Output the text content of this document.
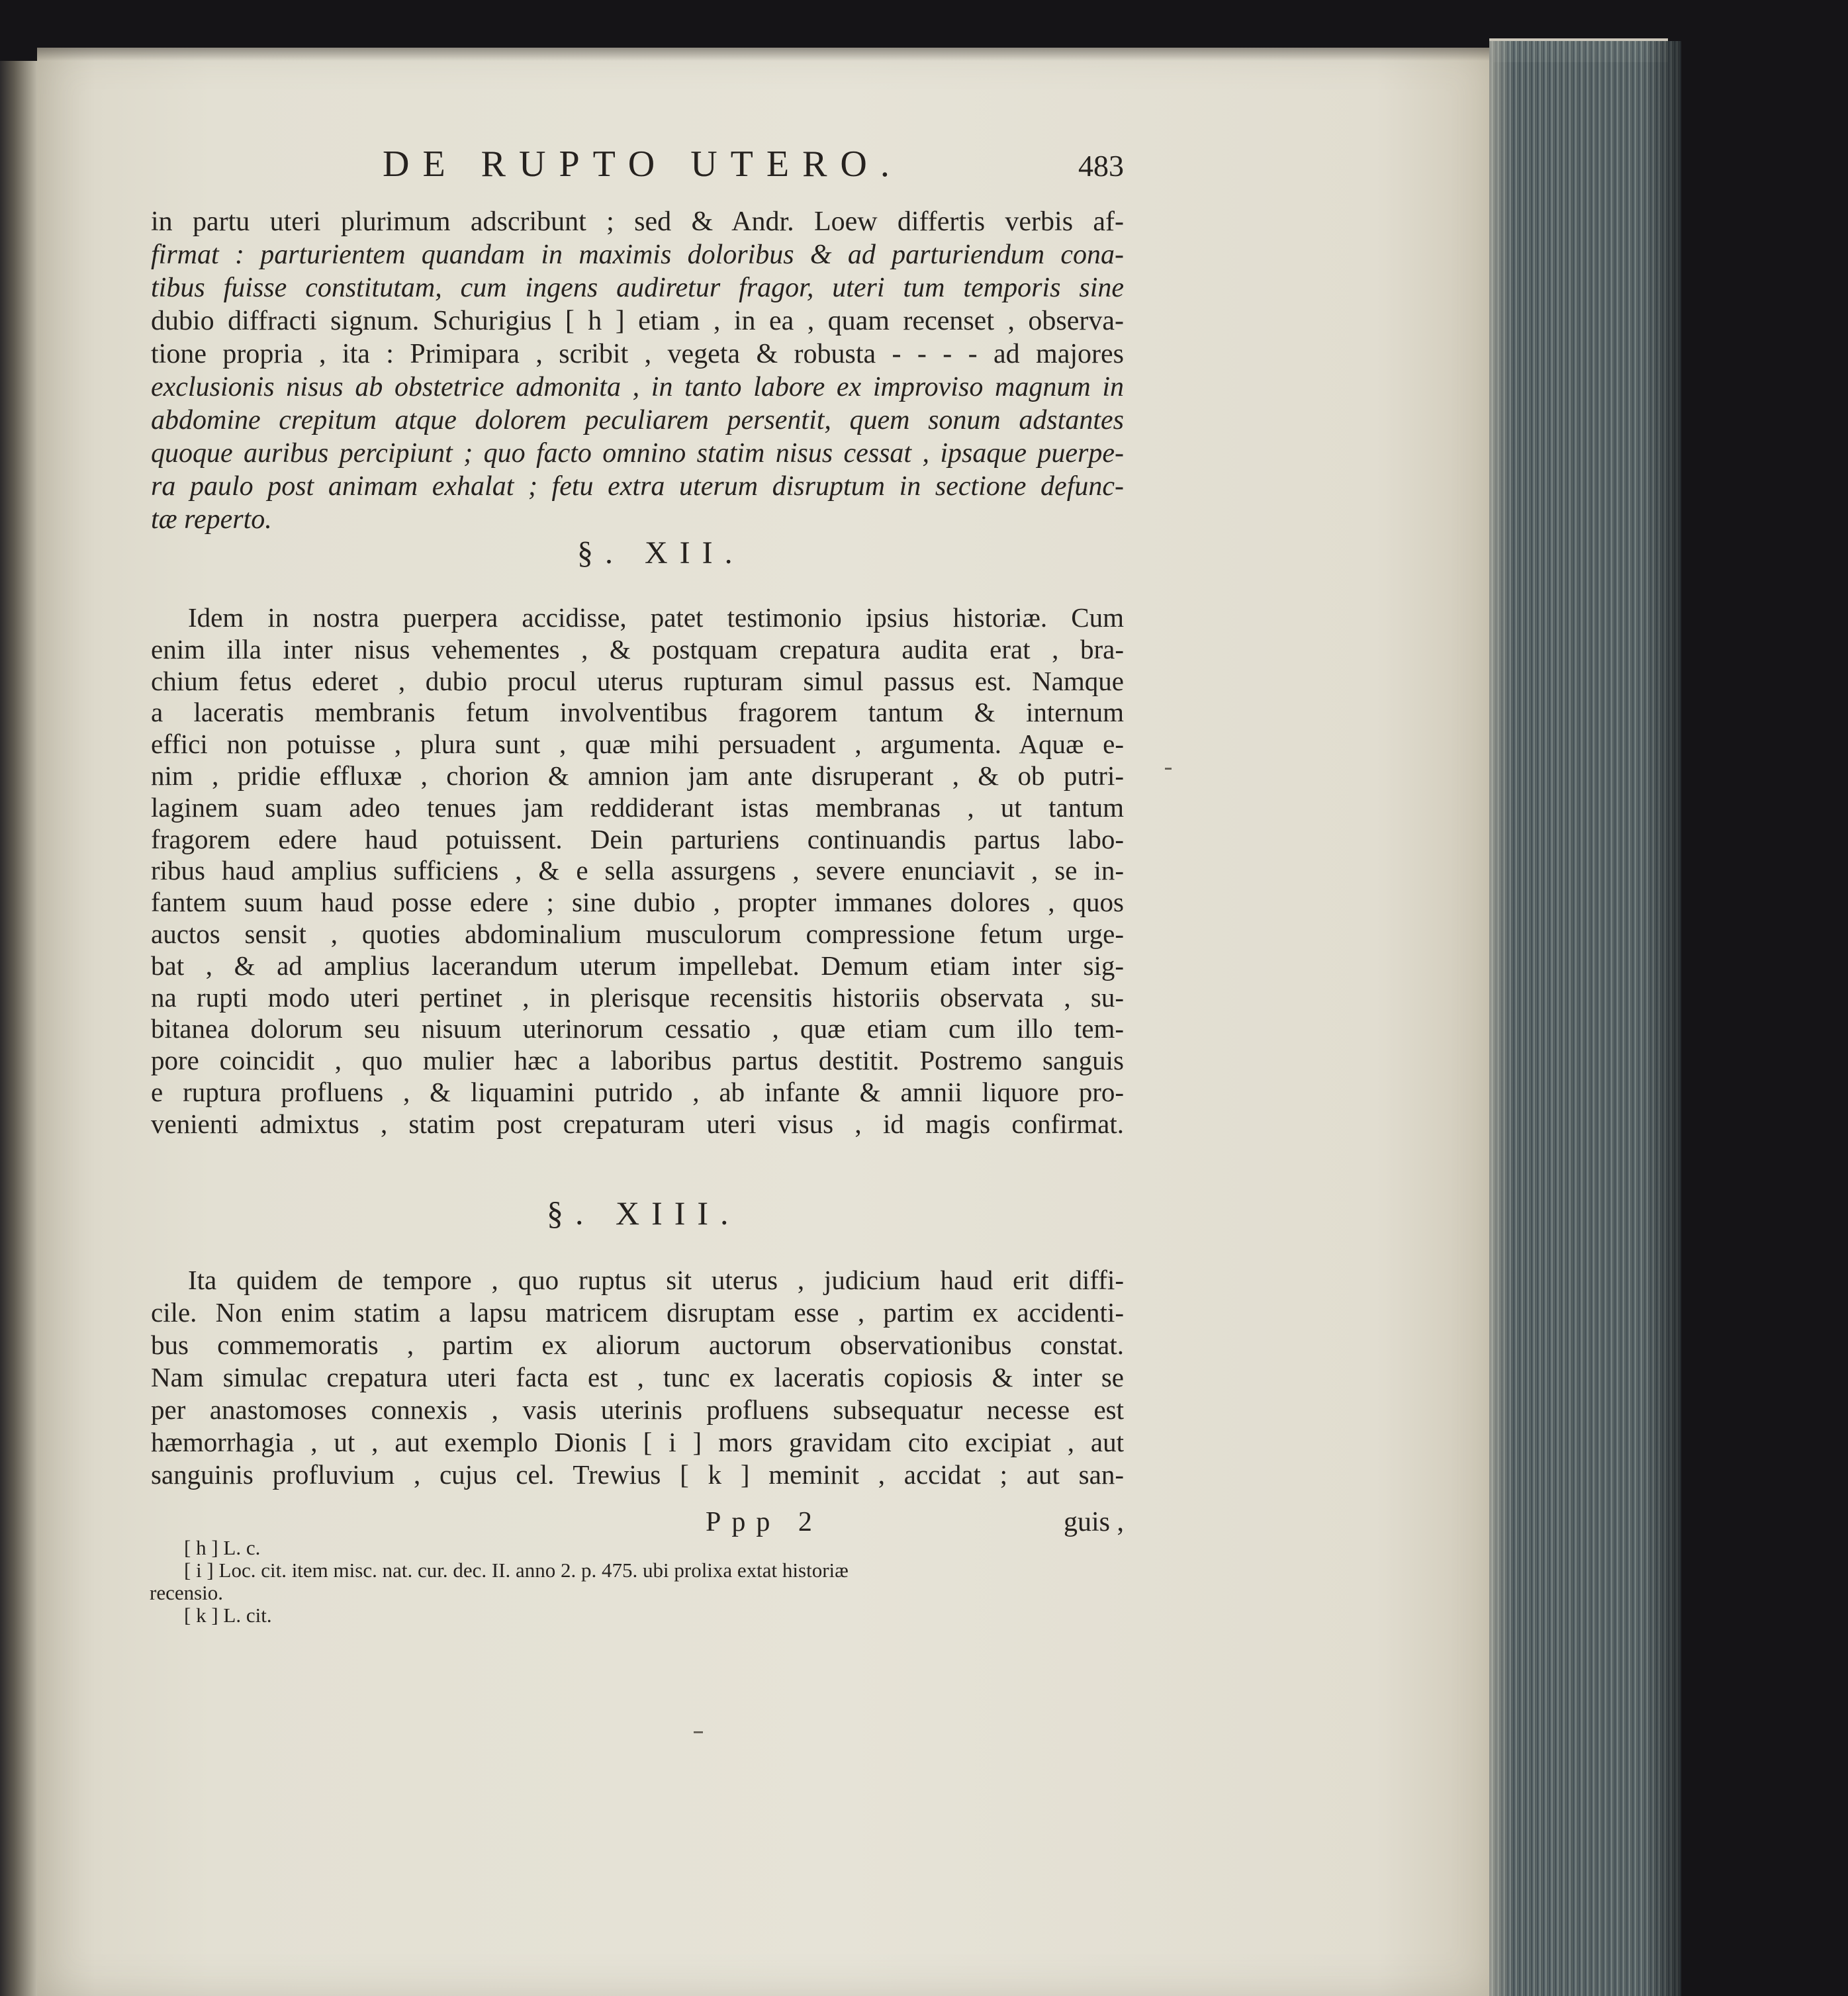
DE RUPTO UTERO.	483
in partu uteri plurimum adscribunt ; sed & Andr. Loew differtis verbis af-
firmat : parturientem quandam in maximis doloribus & ad parturiendum cona-
tibus fuisse constitutam, cum ingens audiretur fragor, uteri tum temporis sine
dubio diffracti signum. Schurigius [ h ] etiam , in ea , quam recenset , observa-
tione propria , ita : Primipara , scribit , vegeta & robusta - - - - ad majores
exclusionis nisus ab obstetrice admonita , in tanto labore ex improviso magnum in
abdomine crepitum atque dolorem peculiarem persentit, quem sonum adstantes
quoque auribus percipiunt ; quo facto omnino statim nisus cessat , ipsaque puerpe-
ra paulo post animam exhalat ; fetu extra uterum disruptum in sectione defunc-
tæ reperto.
§. XII.
Idem in nostra puerpera accidisse, patet testimonio ipsius historiæ. Cum
enim illa inter nisus vehementes , & postquam crepatura audita erat , bra-
chium fetus ederet , dubio procul uterus rupturam simul passus est. Namque
a laceratis membranis fetum involventibus fragorem tantum & internum
effici non potuisse , plura sunt , quæ mihi persuadent , argumenta. Aquæ e-
nim , pridie effluxæ , chorion & amnion jam ante disruperant , & ob putri-
laginem suam adeo tenues jam reddiderant istas membranas , ut tantum
fragorem edere haud potuissent. Dein parturiens continuandis partus labo-
ribus haud amplius sufficiens , & e sella assurgens , severe enunciavit , se in-
fantem suum haud posse edere ; sine dubio , propter immanes dolores , quos
auctos sensit , quoties abdominalium musculorum compressione fetum urge-
bat , & ad amplius lacerandum uterum impellebat. Demum etiam inter sig-
na rupti modo uteri pertinet , in plerisque recensitis historiis observata , su-
bitanea dolorum seu nisuum uterinorum cessatio , quæ etiam cum illo tem-
pore coincidit , quo mulier hæc a laboribus partus destitit. Postremo sanguis
e ruptura profluens , & liquamini putrido , ab infante & amnii liquore pro-
venienti admixtus , statim post crepaturam uteri visus , id magis confirmat.
§. XIII.
Ita quidem de tempore , quo ruptus sit uterus , judicium haud erit diffi-
cile. Non enim statim a lapsu matricem disruptam esse , partim ex accidenti-
bus commemoratis , partim ex aliorum auctorum observationibus constat.
Nam simulac crepatura uteri facta est , tunc ex laceratis copiosis & inter se
per anastomoses connexis , vasis uterinis profluens subsequatur necesse est
hæmorrhagia , ut , aut exemplo Dionis [ i ] mors gravidam cito excipiat , aut
sanguinis profluvium , cujus cel. Trewius [ k ] meminit , accidat ; aut san-
Ppp 2	guis ,
[ h ] L. c.
[ i ] Loc. cit. item misc. nat. cur. dec. II. anno 2. p. 475. ubi prolixa extat historiæ
recensio.
[ k ] L. cit.
